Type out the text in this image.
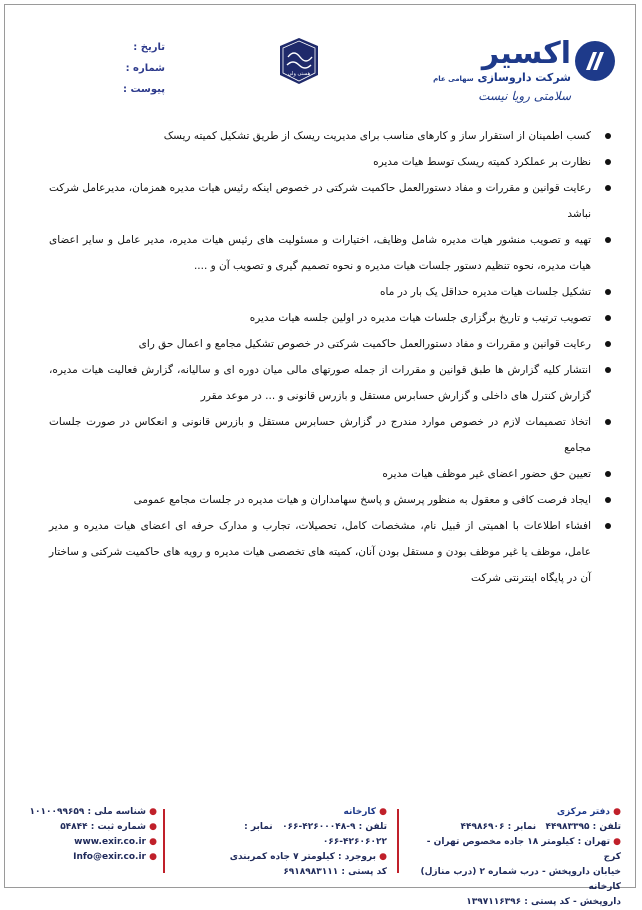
تاریخ :
شماره :
پیوست :
هستی ولی
اکسیر
شرکت داروسازی سهامی عام
سلامتی رویا نیست
کسب اطمینان از استقرار ساز و کارهای مناسب برای مدیریت ریسک از طریق تشکیل کمیته ریسک
نظارت بر عملکرد کمیته ریسک توسط هیات مدیره
رعایت قوانین و مقررات و مفاد دستورالعمل حاکمیت شرکتی در خصوص اینکه رئیس هیات مدیره همزمان، مدیرعامل شرکت نباشد
تهیه و تصویب منشور هیات مدیره شامل وظایف، اختیارات و مسئولیت های رئیس هیات مدیره، مدیر عامل و سایر اعضای هیات مدیره، نحوه تنظیم دستور جلسات هیات مدیره و نحوه تصمیم گیری و تصویب آن و ....
تشکیل جلسات هیات مدیره حداقل یک بار در ماه
تصویب ترتیب و تاریخ برگزاری جلسات هیات مدیره در اولین جلسه هیات مدیره
رعایت قوانین و مقررات و مفاد دستورالعمل حاکمیت شرکتی در خصوص تشکیل مجامع و اعمال حق رای
انتشار کلیه گزارش ها طبق قوانین و مقررات از جمله صورتهای مالی میان دوره ای و سالیانه، گزارش فعالیت هیات مدیره، گزارش کنترل های داخلی و گزارش حسابرس مستقل و بازرس قانونی و ... در موعد مقرر
اتخاذ تصمیمات لازم در خصوص موارد مندرج در گزارش حسابرس مستقل و بازرس قانونی و انعکاس در صورت جلسات مجامع
تعیین حق حضور اعضای غیر موظف هیات مدیره
ایجاد فرصت کافی و معقول به منظور پرسش و پاسخ سهامداران و هیات مدیره در جلسات مجامع عمومی
افشاء اطلاعات با اهمیتی از قبیل نام، مشخصات کامل، تحصیلات، تجارب و مدارک حرفه ای اعضای هیات مدیره و مدیر عامل، موظف یا غیر موظف بودن و مستقل بودن آنان، کمیته های تخصصی هیات مدیره و رویه های حاکمیت شرکتی و ساختار آن در پایگاه اینترنتی شرکت
● دفتر مرکزی
تلفن : ۴۴۹۸۳۳۹۵   نمابر : ۴۴۹۸۶۹۰۶
● تهران : کیلومتر ۱۸ جاده مخصوص تهران - کرج
خیابان داروپخش - درب شماره ۲ (درب منازل) کارخانه
داروپخش - کد پستی : ۱۳۹۷۱۱۶۳۹۶
● کارخانه
تلفن : ۹-۴۲۶۰۰۰۴۸-۰۶۶   نمابر : ۴۲۶۰۶۰۲۲-۰۶۶
● بروجرد : کیلومتر ۷ جاده کمربندی
کد پستی : ۶۹۱۸۹۸۳۱۱۱
● شناسه ملی : ۱۰۱۰۰۹۹۶۵۹
● شماره ثبت : ۵۴۸۴۴
● www.exir.co.ir
● Info@exir.co.ir
